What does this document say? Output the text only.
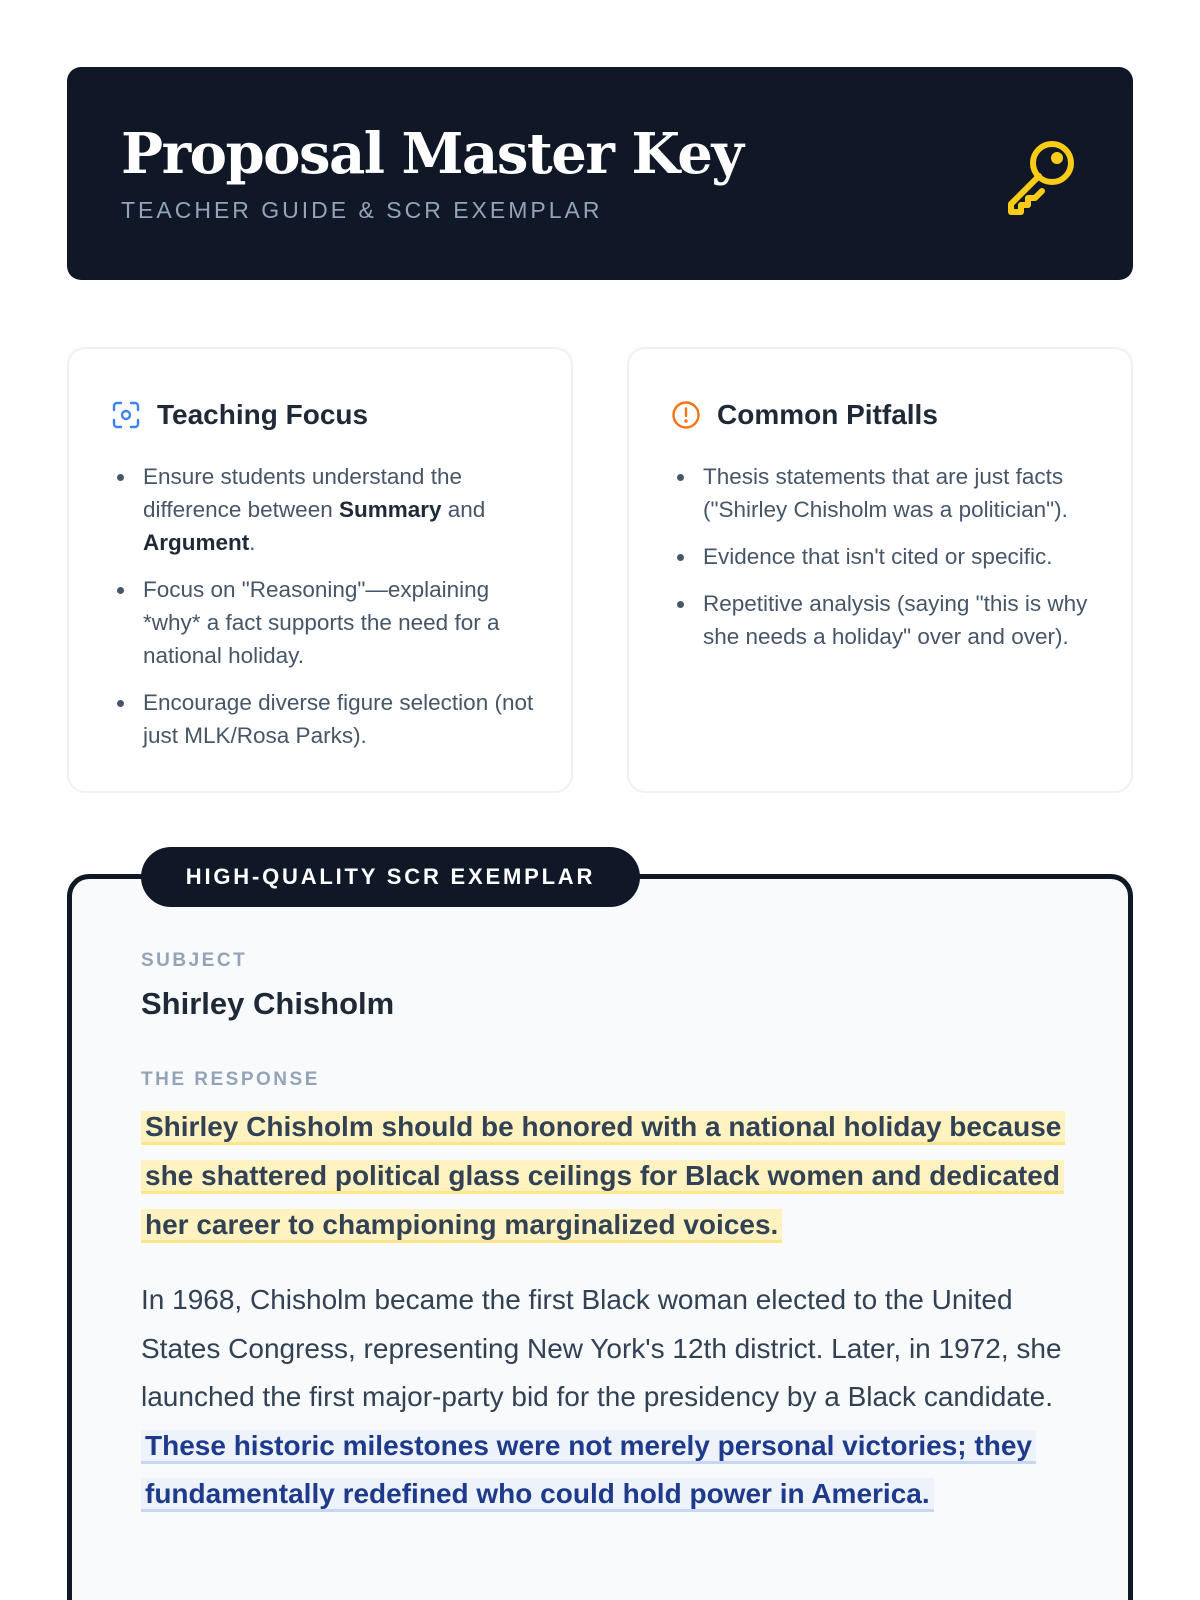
Proposal Master Key
TEACHER GUIDE & SCR EXEMPLAR
Teaching Focus
Ensure students understand the difference between Summary and Argument.
Focus on "Reasoning"—explaining *why* a fact supports the need for a national holiday.
Encourage diverse figure selection (not just MLK/Rosa Parks).
Common Pitfalls
Thesis statements that are just facts ("Shirley Chisholm was a politician").
Evidence that isn't cited or specific.
Repetitive analysis (saying "this is why she needs a holiday" over and over).
HIGH-QUALITY SCR EXEMPLAR
SUBJECT
Shirley Chisholm
THE RESPONSE
Shirley Chisholm should be honored with a national holiday because she shattered political glass ceilings for Black women and dedicated her career to championing marginalized voices.
In 1968, Chisholm became the first Black woman elected to the United States Congress, representing New York's 12th district. Later, in 1972, she launched the first major-party bid for the presidency by a Black candidate. These historic milestones were not merely personal victories; they fundamentally redefined who could hold power in America.
